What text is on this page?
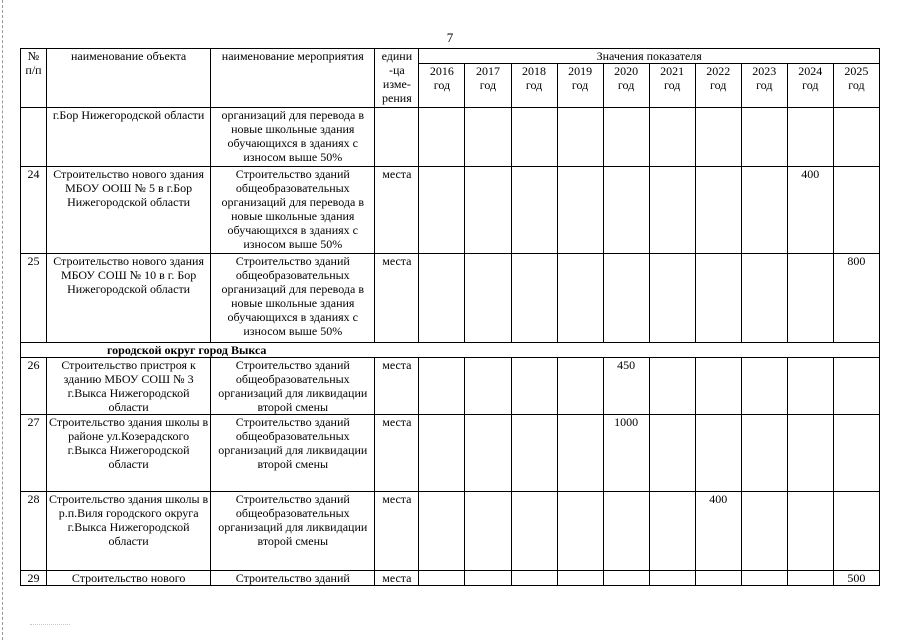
7
№ п/п	наименование объекта	наименование мероприятия	едини -ца изме- рения	Значения показателя									
				2016 год	2017 год	2018 год	2019 год	2020 год	2021 год	2022 год	2023 год	2024 год	2025 год
	г.Бор Нижегородской области	организаций для перевода в новые школьные здания обучающихся в зданиях с износом выше 50%											
24	Строительство нового здания МБОУ ООШ № 5 в г.Бор Нижегородской области	Строительство зданий общеобразовательных организаций для перевода в новые школьные здания обучающихся в зданиях с износом выше 50%	места									400	
25	Строительство нового здания МБОУ СОШ № 10 в г. Бор Нижегородской области	Строительство зданий общеобразовательных организаций для перевода в новые школьные здания обучающихся в зданиях с износом выше 50%	места										800
городской округ город Выкса													
26	Строительство пристроя к зданию МБОУ СОШ № 3 г.Выкса Нижегородской области	Строительство зданий общеобразовательных организаций для ликвидации второй смены	места					450					
27	Строительство здания школы в районе ул.Козерадского г.Выкса Нижегородской области	Строительство зданий общеобразовательных организаций для ликвидации второй смены	места					1000					
28	Строительство здания школы в р.п.Виля городского округа г.Выкса Нижегородской области	Строительство зданий общеобразовательных организаций для ликвидации второй смены	места							400			
29	Строительство нового	Строительство зданий	места										500
